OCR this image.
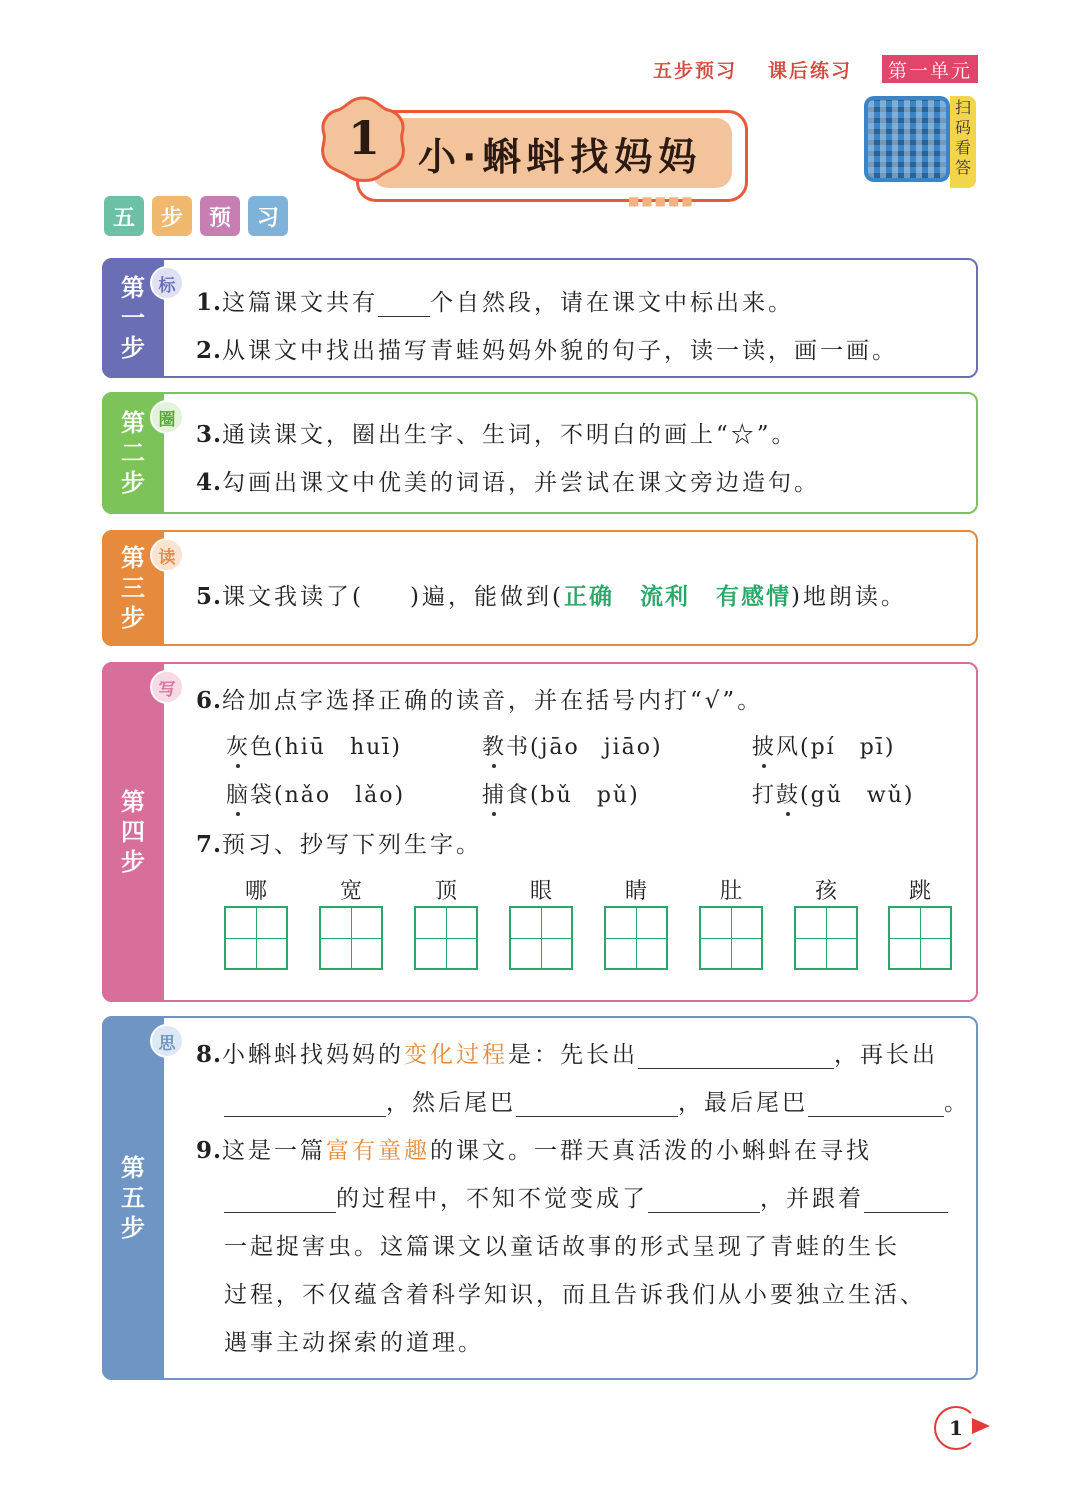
五步预习 课后练习	第一单元
1	小·蝌蚪找妈妈
■■■■■
扫码看答
五	步	预	习
第一步
标
1.这篇课文共有 个自然段，请在课文中标出来。
2.从课文中找出描写青蛙妈妈外貌的句子，读一读，画一画。
第二步
圈
3.通读课文，圈出生字、生词，不明白的画上“☆”。
4.勾画出课文中优美的词语，并尝试在课文旁边造句。
第三步
读
5.课文我读了( )遍，能做到(正确 流利 有感情)地朗读。
第四步
写 6.给加点字选择正确的读音，并在括号内打“√”。
灰色(hiū　huī)	教书(jāo　jiāo)	披风(pí　pī)
脑袋(nǎo　lǎo)	捕食(bǔ　pǔ)	打鼓(gǔ　wǔ)
7.预习、抄写下列生字。
哪	宽	顶	眼	睛	肚	孩	跳
第五步
思 8.小蝌蚪找妈妈的变化过程是：先长出	，再长出
，然后尾巴	，最后尾巴	。
9.这是一篇富有童趣的课文。一群天真活泼的小蝌蚪在寻找
的过程中，不知不觉变成了	，并跟着
一起捉害虫。这篇课文以童话故事的形式呈现了青蛙的生长
过程，不仅蕴含着科学知识，而且告诉我们从小要独立生活、
遇事主动探索的道理。
1
